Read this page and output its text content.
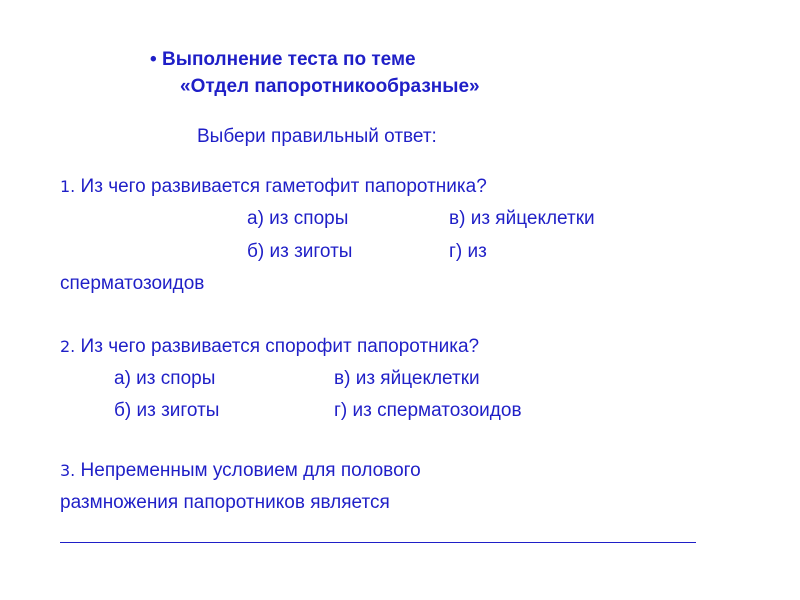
• Выполнение теста по теме
«Отдел папоротникообразные»
Выбери правильный ответ:
1. Из чего развивается гаметофит папоротника?
а) из споры	в) из яйцеклетки
б) из зиготы	г) из
сперматозоидов
2. Из чего развивается спорофит папоротника?
а) из споры	в) из яйцеклетки
б) из зиготы	г) из сперматозоидов
3. Непременным условием для полового
размножения папоротников является
